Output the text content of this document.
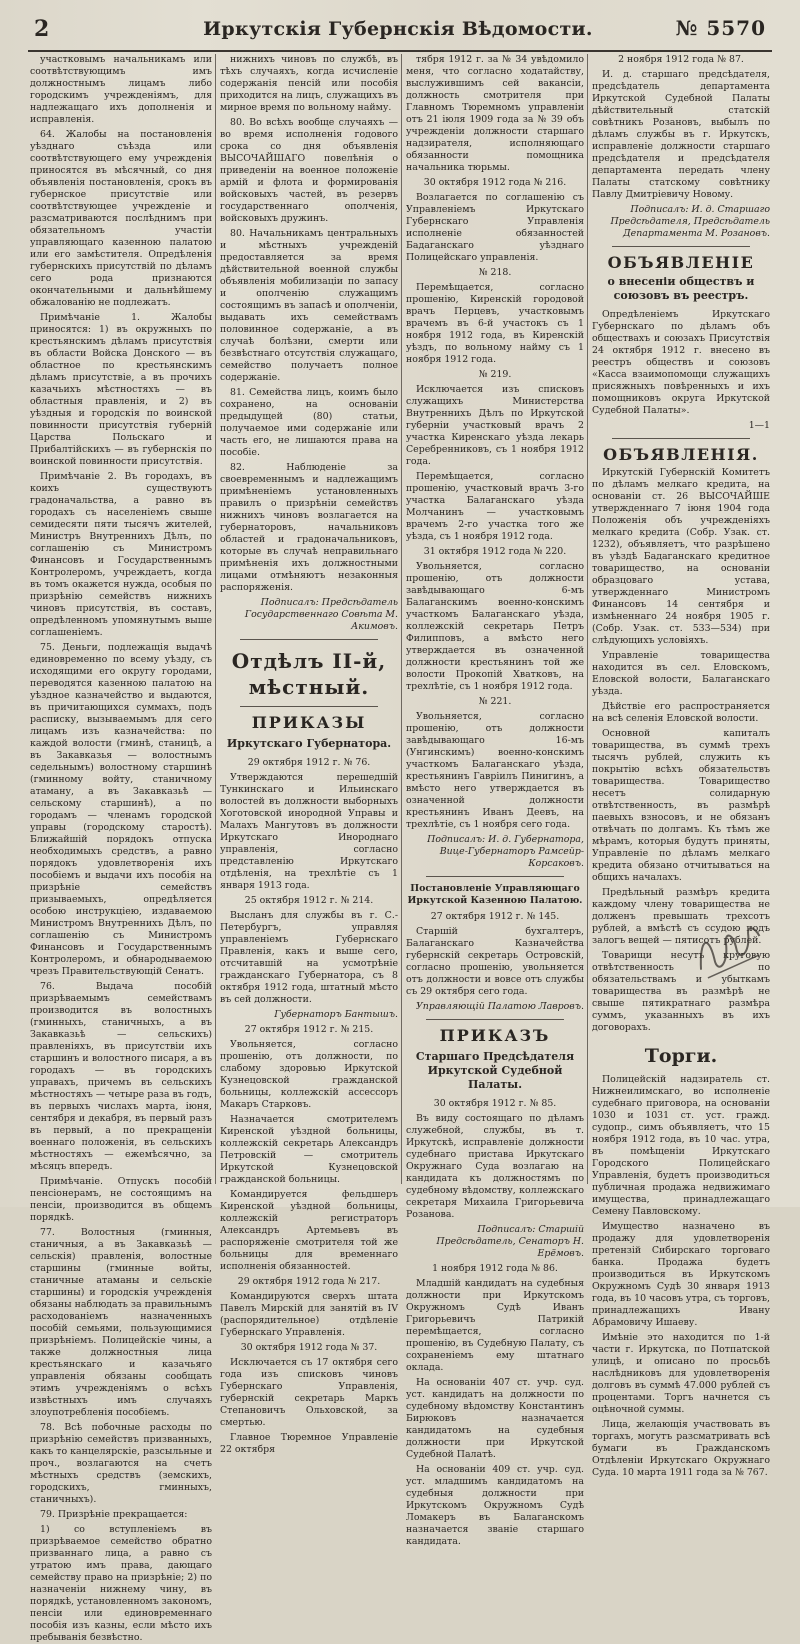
2	Иркутскія Губернскія Вѣдомости.	№ 5570

участковымъ начальникамъ или соотвѣтствующимъ имъ должностнымъ лицамъ либо городскимъ учрежденіямъ, для надлежащаго ихъ дополненія и исправленія.

64. Жалобы на постановленія уѣзднаго съѣзда или соотвѣтствующего ему учрежденія приносятся въ мѣсячный, со дня объявленія постановленія, срокъ въ губернское присутствіе или соотвѣтствующее учрежденіе и разсматриваются послѣднимъ при обязательномъ участіи управляющаго казенною палатою или его замѣстителя. Опредѣленія губернскихъ присутствій по дѣламъ сего рода признаются окончательными и дальнѣйшему обжалованію не подлежатъ.

Примѣчаніе 1. Жалобы приносятся: 1) въ окружныхъ по крестьянскимъ дѣламъ присутствія въ области Войска Донского — въ областное по крестьянскимъ дѣламъ присутствіе, а въ прочихъ казачьихъ мѣстностяхъ — въ областныя правленія, и 2) въ уѣздныя и городскія по воинской повинности присутствія губерній Царства Польскаго и Прибалтійскихъ — въ губернскія по воинской повинности присутствія.

Примѣчаніе 2. Въ городахъ, въ коихъ существуютъ градоначальства, а равно въ городахъ съ населеніемъ свыше семидесяти пяти тысячъ жителей, Министръ Внутреннихъ Дѣлъ, по соглашенію съ Министромъ Финансовъ и Государственнымъ Контролеромъ, учреждаетъ, когда въ томъ окажется нужда, особыя по призрѣнію семействъ нижнихъ чиновъ присутствія, въ составъ, опредѣленномъ упомянутымъ выше соглашеніемъ.

75. Деньги, подлежащія выдачѣ единовременно по всему уѣзду, съ исходящими его округу городами, переводятся казенною палатою на уѣздное казначейство и выдаются, въ причитающихся суммахъ, подъ расписку, вызываемымъ для сего лицамъ изъ казначейства: по каждой волости (гминѣ, станицѣ, а въ Закавказья — волостнымъ седельнымъ) волостному старшинѣ (гминному войту, станичному атаману, а въ Закавказьѣ — сельскому старшинѣ), а по городамъ — членамъ городской управы (городскому старостѣ). Ближайшій порядокъ отпуска необходимыхъ средствъ, а равно порядокъ удовлетворенія ихъ пособіемъ и выдачи ихъ пособія на призрѣніе семействъ призываемыхъ, опредѣляется особою инструкціею, издаваемою Министромъ Внутреннихъ Дѣлъ, по соглашенію съ Министромъ Финансовъ и Государственнымъ Контролеромъ, и обнародываемою чрезъ Правительствующій Сенатъ.

76. Выдача пособій призрѣваемымъ семействамъ производится въ волостныхъ (гминныхъ, станичныхъ, а въ Закавказьѣ — сельскихъ) правленіяхъ, въ присутствіи ихъ старшинъ и волостного писаря, а въ городахъ — въ городскихъ управахъ, причемъ въ сельскихъ мѣстностяхъ — четыре раза въ годъ, въ первыхъ числахъ марта, іюня, сентября и декабря, въ первый разъ въ первый, а по прекращеніи военнаго положенія, въ сельскихъ мѣстностяхъ — ежемѣсячно, за мѣсяцъ впередъ.

Примѣчаніе. Отпускъ пособій пенсіонерамъ, не состоящимъ на пенсіи, производится въ общемъ порядкѣ.

77. Волостныя (гминныя, станичныя, а въ Закавказьѣ — сельскія) правленія, волостные старшины (гминные войты, станичные атаманы и сельскіе старшины) и городскія учрежденія обязаны наблюдать за правильнымъ расходованіемъ назначенныхъ пособій семьями, пользующимися призрѣніемъ. Полицейскіе чины, а также должностныя лица крестьянскаго и казачьяго управленія обязаны сообщать этимъ учрежденіямъ о всѣхъ извѣстныхъ имъ случаяхъ злоупотребленія пособіемъ.

78. Всѣ побочные расходы по призрѣнію семействъ призванныхъ, какъ то канцелярскіе, разсыльные и проч., возлагаются на счетъ мѣстныхъ средствъ (земскихъ, городскихъ, гминныхъ, станичныхъ).

79. Призрѣніе прекращается:

1) со вступленіемъ въ призрѣваемое семейство обратно призваннаго лица, а равно съ утратою имъ права, дающаго семейству право на призрѣніе; 2) по назначеніи нижнему чину, въ порядкѣ, установленномъ закономъ, пенсіи или единовременнаго пособія изъ казны, если мѣсто ихъ пребыванія безвѣстно.

нижнихъ чиновъ по службѣ, въ тѣхъ случаяхъ, когда исчисленіе содержанія пенсій или пособія приходится на лицъ, служащихъ въ мирное время по вольному найму.

80. Во всѣхъ вообще случаяхъ — во время исполненія годового срока со дня объявленія ВЫСОЧАЙШАГО повелѣнія о приведеніи на военное положеніе армій и флота и формированія войсковыхъ частей, въ резервъ государственнаго ополченія, войсковыхъ дружинъ.

80. Начальникамъ центральныхъ и мѣстныхъ учрежденій предоставляется за время дѣйствительной военной службы объявленія мобилизаціи по запасу и ополченію служащимъ состоящимъ въ запасѣ и ополченіи, выдавать ихъ семействамъ половинное содержаніе, а въ случаѣ болѣзни, смерти или безвѣстнаго отсутствія служащаго, семейство получаетъ полное содержаніе.

81. Семейства лицъ, коимъ было сохранено, на основаніи предыдущей (80) статьи, получаемое ими содержаніе или часть его, не лишаются права на пособіе.

82. Наблюденіе за своевременнымъ и надлежащимъ примѣненіемъ установленныхъ правилъ о призрѣніи семействъ нижнихъ чиновъ возлагается на губернаторовъ, начальниковъ областей и градоначальниковъ, которые въ случаѣ неправильнаго примѣненія ихъ должностными лицами отмѣняютъ незаконныя распоряженія.

Подписалъ: Предсѣдатель Государственнаго Совѣта М. Акимовъ.

Отдѣлъ II-й, мѣстный.

ПРИКАЗЫ

Иркутскаго Губернатора.

29 октября 1912 г. № 76.

Утверждаются перешедшій Тункинскаго и Ильинскаго волостей въ должности выборныхъ Хоготовской инородной Управы и Малахъ Мангутовъ въ должности Иркутскаго Инороднаго управленія, согласно представленію Иркутскаго отдѣленія, на трехлѣтіе съ 1 января 1913 года.

25 октября 1912 г. № 214.

Высланъ для службы въ г. С.-Петербургъ, управляя управленіемъ Губернскаго Правленія, какъ и выше сего, отсчитавшій на усмотрѣніе гражданскаго Губернатора, съ 8 октября 1912 года, штатный мѣсто въ сей должности.

Губернаторъ Бантышъ.

27 октября 1912 г. № 215.

Увольняется, согласно прошенію, отъ должности, по слабому здоровью Иркутской Кузнецовской гражданской больницы, коллежскій ассессоръ Макаръ Старковъ.

Назначается смотрителемъ Киренской уѣздной больницы, коллежскій секретарь Александръ Петровскій — смотритель Иркутской Кузнецовской гражданской больницы.

Командируется фельдшеръ Киренской уѣздной больницы, коллежскій регистраторъ Александръ Артемьевъ въ распоряженіе смотрителя той же больницы для временнаго исполненія обязанностей.

29 октября 1912 года № 217.

Командируются сверхъ штата Павелъ Мирскій для занятій въ IV (распорядительное) отдѣленіе Губернскаго Управленія.

30 октября 1912 года № 37.

Исключается съ 17 октября сего года изъ списковъ чиновъ Губернскаго Управленія, губернскій секретарь Маркъ Степановичъ Ольховской, за смертью.

Главное Тюремное Управленіе 22 октября

тября 1912 г. за № 34 увѣдомило меня, что согласно ходатайству, выслужившимъ сей вакансіи, должность смотрителя при Главномъ Тюремномъ управленіи отъ 21 іюля 1909 года за № 39 объ учрежденіи должности старшаго надзирателя, исполняющаго обязанности помощника начальника тюрьмы.

30 октября 1912 года № 216.

Возлагается по соглашенію съ Управленіемъ Иркутскаго Губернскаго Управленія исполненіе обязанностей Бадаганскаго уѣзднаго Полицейскаго управленія.

№ 218.

Перемѣщается, согласно прошенію, Киренскій городовой врачъ Перцевъ, участковымъ врачемъ въ 6-й участокъ съ 1 ноября 1912 года, въ Киренскій уѣздъ, по вольному найму съ 1 ноября 1912 года.

№ 219.

Исключается изъ списковъ служащихъ Министерства Внутреннихъ Дѣлъ по Иркутской губерніи участковый врачъ 2 участка Киренскаго уѣзда лекарь Серебренниковъ, съ 1 ноября 1912 года.

Перемѣщается, согласно прошенію, участковый врачъ 3-го участка Балаганскаго уѣзда Молчанинъ — участковымъ врачемъ 2-го участка того же уѣзда, съ 1 ноября 1912 года.

31 октября 1912 года № 220.

Увольняется, согласно прошенію, отъ должности завѣдывающаго 6-мъ Балаганскимъ военно-конскимъ участкомъ Балаганскаго уѣзда, коллежскій секретарь Петръ Филипповъ, а вмѣсто него утверждается въ означенной должности крестьянинъ той же волости Прокопій Хватковъ, на трехлѣтіе, съ 1 ноября 1912 года.

№ 221.

Увольняется, согласно прошенію, отъ должности завѣдывающаго 16-мъ (Унгинскимъ) военно-конскимъ участкомъ Балаганскаго уѣзда, крестьянинъ Гавріилъ Пинигинъ, а вмѣсто него утверждается въ означенной должности крестьянинъ Иванъ Деевъ, на трехлѣтіе, съ 1 ноября сего года.

Подписалъ: И. д. Губернатора, Вице-Губернаторъ Рамсейр-Корсаковъ.

Постановленіе Управляющаго Иркутской Казенною Палатою.

27 октября 1912 г. № 145.

Старшій бухгалтеръ, Балаганскаго Казначейства губернскій секретарь Островскій, согласно прошенію, увольняется отъ должности и вовсе отъ службы съ 29 октября сего года.

Управляющій Палатою Лавровъ.

ПРИКАЗЪ

Старшаго Предсѣдателя Иркутской Судебной Палаты.

30 октября 1912 г. № 85.

Въ виду состоящаго по дѣламъ служебной, службы, въ т. Иркутскѣ, исправленіе должности судебнаго пристава Иркутскаго Окружнаго Суда возлагаю на кандидата къ должностямъ по судебному вѣдомству, коллежскаго секретаря Михаила Григорьевича Розанова.

Подписалъ: Старшій Предсѣдатель, Сенаторъ Н. Ерёмовъ.

1 ноября 1912 года № 86.

Младшій кандидатъ на судебныя должности при Иркутскомъ Окружномъ Судѣ Иванъ Григорьевичъ Патрикій перемѣщается, согласно прошенію, въ Судебную Палату, съ сохраненіемъ ему штатнаго оклада.

На основаніи 407 ст. учр. суд. уст. кандидатъ на должности по судебному вѣдомству Константинъ Бирюковъ назначается кандидатомъ на судебныя должности при Иркутской Судебной Палатѣ.

На основаніи 409 ст. учр. суд. уст. младшимъ кандидатомъ на судебныя должности при Иркутскомъ Окружномъ Судѣ Ломакеръ въ Балаганскомъ назначается званіе старшаго кандидата.

2 ноября 1912 года № 87.

И. д. старшаго предсѣдателя, предсѣдатель департамента Иркутской Судебной Палаты дѣйствительный статскій совѣтникъ Розановъ, выбылъ по дѣламъ службы въ г. Иркутскъ, исправленіе должности старшаго предсѣдателя и предсѣдателя департамента передать члену Палаты статскому совѣтнику Павлу Дмитріевичу Новому.

Подписалъ: И. д. Старшаго Предсѣдателя, Предсѣдатель Департамента М. Розановъ.

ОБЪЯВЛЕНІЕ

о внесеніи обществъ и союзовъ въ реестръ.

Опредѣленіемъ Иркутскаго Губернскаго по дѣламъ объ обществахъ и союзахъ Присутствія 24 октября 1912 г. внесено въ реестръ обществъ и союзовъ «Касса взаимопомощи служащихъ присяжныхъ повѣренныхъ и ихъ помощниковъ округа Иркутской Судебной Палаты».

1—1

ОБЪЯВЛЕНІЯ.

Иркутскій Губернскій Комитетъ по дѣламъ мелкаго кредита, на основаніи ст. 26 ВЫСОЧАЙШЕ утвержденнаго 7 іюня 1904 года Положенія объ учрежденіяхъ мелкаго кредита (Собр. Узак. ст. 1232), объявляетъ, что разрѣшено въ уѣздѣ Бадаганскаго кредитное товарищество, на основаніи образцоваго устава, утвержденнаго Министромъ Финансовъ 14 сентября и измѣненнаго 24 ноября 1905 г. (Собр. Узак. ст. 533—534) при слѣдующихъ условіяхъ.

Управленіе товарищества находится въ сел. Еловскомъ, Еловской волости, Балаганскаго уѣзда.

Дѣйствіе его распространяется на всѣ селенія Еловской волости.

Основной капиталъ товарищества, въ суммѣ трехъ тысячъ рублей, служить къ покрытію всѣхъ обязательствъ товарищества. Товарищество несетъ солидарную отвѣтственность, въ размѣрѣ паевыхъ взносовъ, и не обязанъ отвѣчать по долгамъ. Къ тѣмъ же мѣрамъ, которыя будутъ приняты, Управленіе по дѣламъ мелкаго кредита обязано отчитываться на общихъ началахъ.

Предѣльный размѣръ кредита каждому члену товарищества не долженъ превышать трехсотъ рублей, а вмѣстѣ съ ссудою подъ залогъ вещей — пятисотъ рублей.

Товарищи несутъ круговую отвѣтственность по обязательствамъ и убыткамъ товарищества въ размѣрѣ не свыше пятикратнаго размѣра суммъ, указанныхъ въ ихъ договорахъ.

Торги.

Полицейскій надзиратель ст. Нижнеилимскаго, во исполненіе судебнаго приговора, на основаніи 1030 и 1031 ст. уст. гражд. судопр., симъ объявляетъ, что 15 ноября 1912 года, въ 10 час. утра, въ помѣщеніи Иркутскаго Городского Полицейскаго Управленія, будетъ производиться публичная продажа недвижимаго имущества, принадлежащаго Семену Павловскому.

Имущество назначено въ продажу для удовлетворенія претензій Сибирскаго торговаго банка. Продажа будетъ производиться въ Иркутскомъ Окружномъ Судѣ 30 января 1913 года, въ 10 часовъ утра, съ торговъ, принадлежащихъ Ивану Абрамовичу Ишаеву.

Имѣніе это находится по 1-й части г. Иркутска, по Потпатской улицѣ, и описано по просьбѣ наслѣдниковъ для удовлетворенія долговъ въ суммѣ 47.000 рублей съ процентами. Торгъ начнется съ оцѣночной суммы.

Лица, желающія участвовать въ торгахъ, могутъ разсматривать всѣ бумаги въ Гражданскомъ Отдѣленіи Иркутскаго Окружнаго Суда. 10 марта 1911 года за № 767.
